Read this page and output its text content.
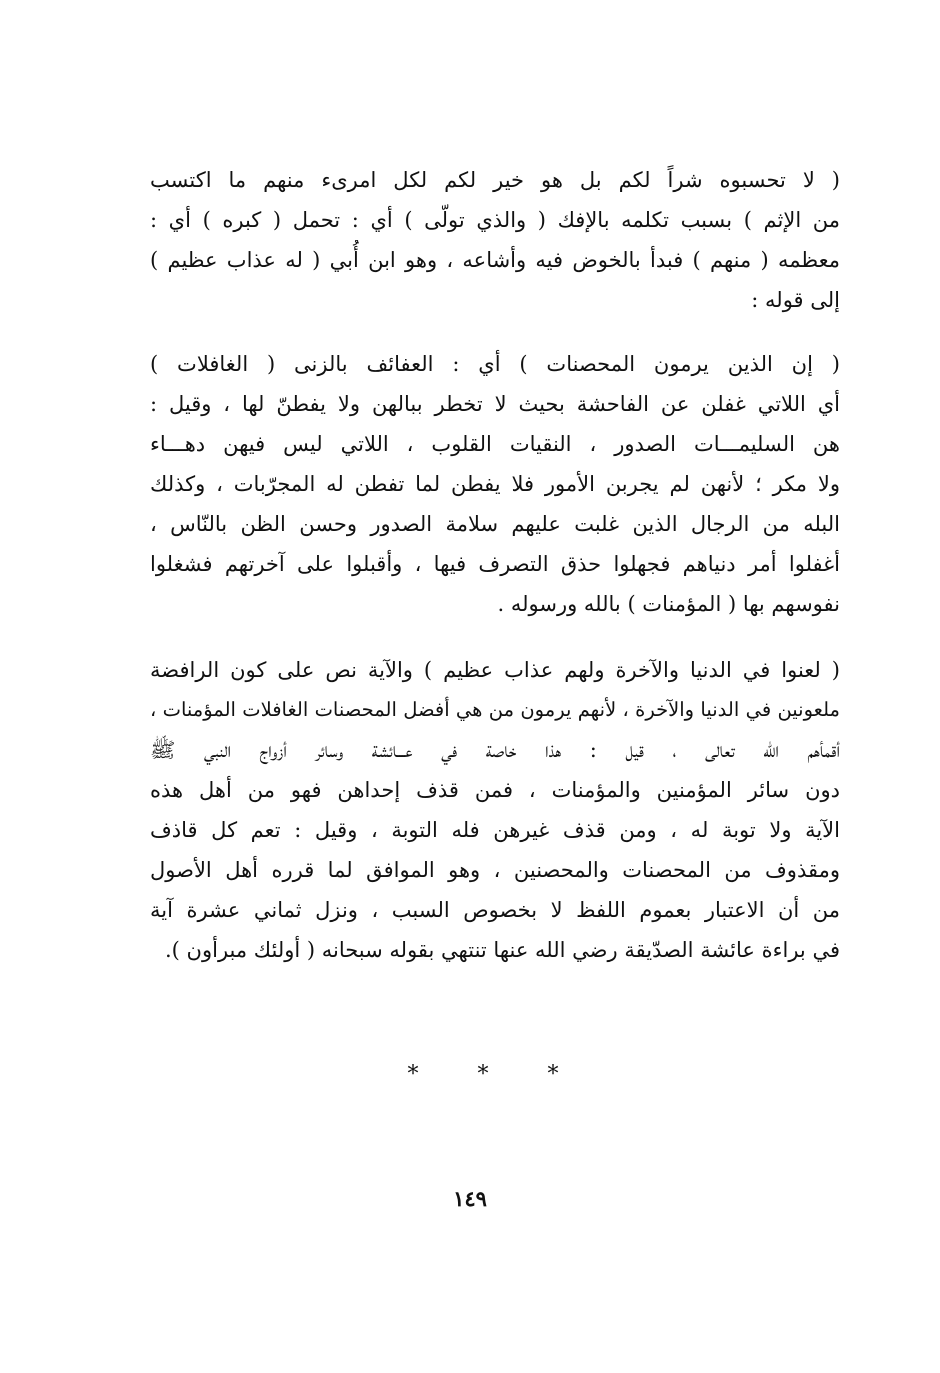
( لا تحسبوه شراً لكم بل هو خير لكم لكل امرىء منهم ما اكتسب
من الإثم ) بسبب تكلمه بالإفك ( والذي تولّى ) أي : تحمل ( كبره ) أي :
معظمه ( منهم ) فبدأ بالخوض فيه وأشاعه ، وهو ابن أُبي ( له عذاب عظيم )
إلى قوله :
( إن الذين يرمون المحصنات ) أي : العفائف بالزنى ( الغافلات )
أي اللاتي غفلن عن الفاحشة بحيث لا تخطر ببالهن ولا يفطنّ لها ، وقيل :
هن السليمـــات الصدور ، النقيات القلوب ، اللاتي ليس فيهن دهـــاء
ولا مكر ؛ لأنهن لم يجربن الأمور فلا يفطن لما تفطن له المجرّبات ، وكذلك
البله من الرجال الذين غلبت عليهم سلامة الصدور وحسن الظن بالنّاس ،
أغفلوا أمر دنياهم فجهلوا حذق التصرف فيها ، وأقبلوا على آخرتهم فشغلوا
نفوسهم بها ( المؤمنات ) بالله ورسوله .
( لعنوا في الدنيا والآخرة ولهم عذاب عظيم ) والآية نص على كون الرافضة
ملعونين في الدنيا والآخرة ، لأنهم يرمون من هي أفضل المحصنات الغافلات المؤمنات ،
أقمأهم الله تعالى ، قيل : هذا خاصة في عـــائشة وسائر أزواج النبي ﷺ
دون سائر المؤمنين والمؤمنات ، فمن قذف إحداهن فهو من أهل هذه
الآية ولا توبة له ، ومن قذف غيرهن فله التوبة ، وقيل : تعم كل قاذف
ومقذوف من المحصنات والمحصنين ، وهو الموافق لما قرره أهل الأصول
من أن الاعتبار بعموم اللفظ لا بخصوص السبب ، ونزل ثماني عشرة آية
في براءة عائشة الصدّيقة رضي الله عنها تنتهي بقوله سبحانه ( أولئك مبرأون ).
* * *
١٤٩
